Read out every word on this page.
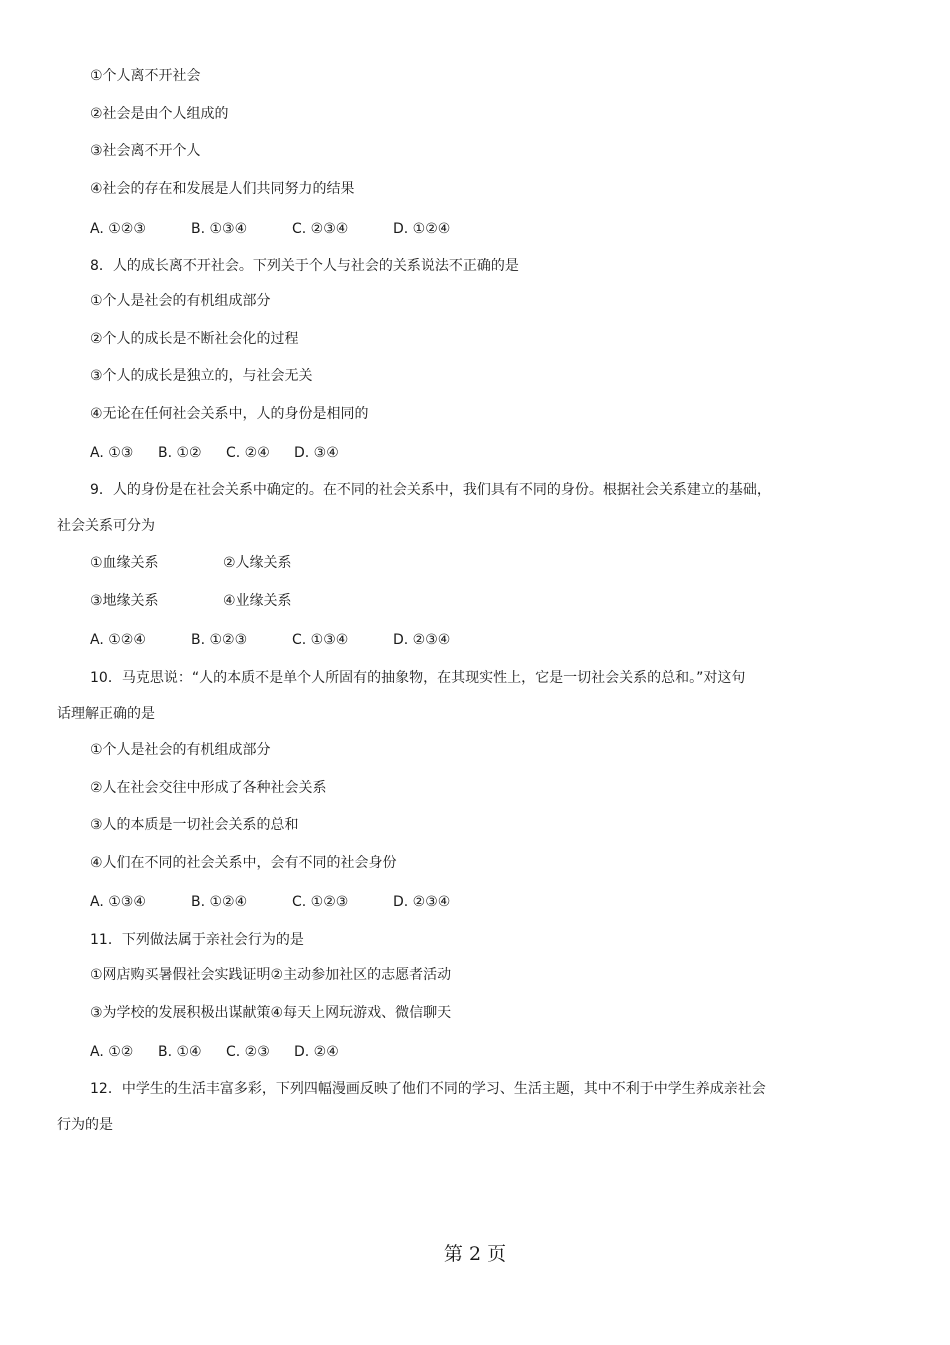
①个人离不开社会
②社会是由个人组成的
③社会离不开个人
④社会的存在和发展是人们共同努力的结果
A. ①②③	B. ①③④	C. ②③④	D. ①②④
8．人的成长离不开社会。下列关于个人与社会的关系说法不正确的是
①个人是社会的有机组成部分
②个人的成长是不断社会化的过程
③个人的成长是独立的，与社会无关
④无论在任何社会关系中，人的身份是相同的
A. ①③	B. ①②	C. ②④	D. ③④
9．人的身份是在社会关系中确定的。在不同的社会关系中，我们具有不同的身份。根据社会关系建立的基础，
社会关系可分为
①血缘关系	②人缘关系
③地缘关系	④业缘关系
A. ①②④	B. ①②③	C. ①③④	D. ②③④
10．马克思说：“人的本质不是单个人所固有的抽象物，在其现实性上，它是一切社会关系的总和。”对这句
话理解正确的是
①个人是社会的有机组成部分
②人在社会交往中形成了各种社会关系
③人的本质是一切社会关系的总和
④人们在不同的社会关系中，会有不同的社会身份
A. ①③④	B. ①②④	C. ①②③	D. ②③④
11．下列做法属于亲社会行为的是
①网店购买暑假社会实践证明②主动参加社区的志愿者活动
③为学校的发展积极出谋献策④每天上网玩游戏、微信聊天
A. ①②	B. ①④	C. ②③	D. ②④
12．中学生的生活丰富多彩，下列四幅漫画反映了他们不同的学习、生活主题，其中不利于中学生养成亲社会
行为的是
第 2 页
